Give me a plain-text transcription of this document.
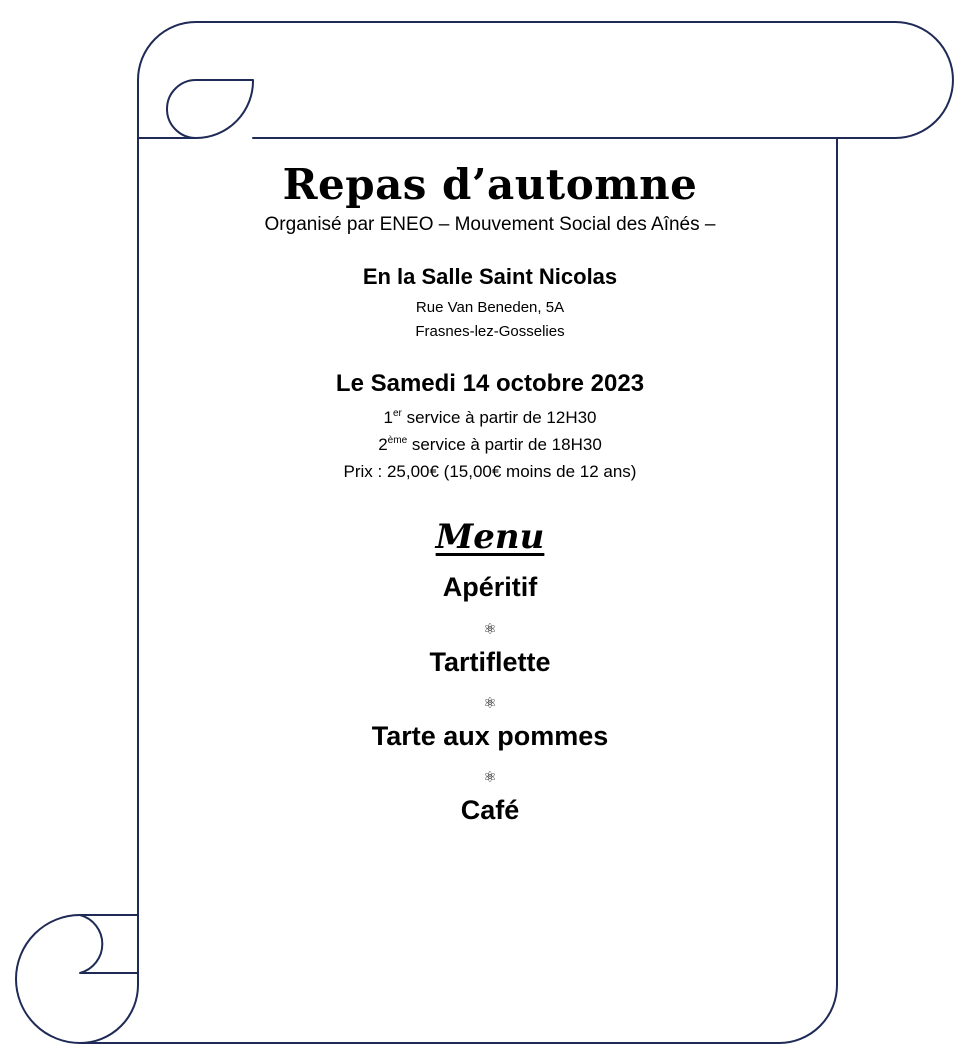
Repas d’automne

Organisé par ENEO – Mouvement Social des Aînés –

En la Salle Saint Nicolas

Rue Van Beneden, 5A

Frasnes-lez-Gosselies

Le Samedi 14 octobre 2023

1er service à partir de 12H30

2ème service à partir de 18H30

Prix : 25,00€ (15,00€ moins de 12 ans)

Menu

Apéritif

⚛

Tartiflette

⚛

Tarte aux pommes

⚛

Café
